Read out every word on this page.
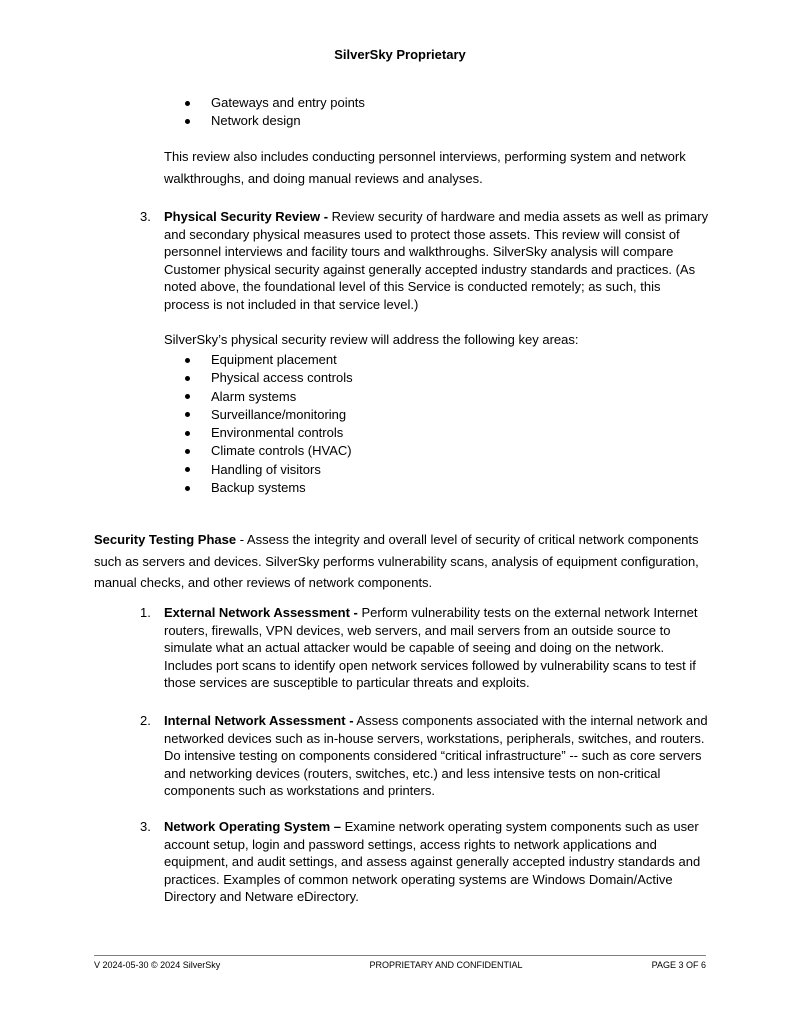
SilverSky Proprietary
Gateways and entry points
Network design
This review also includes conducting personnel interviews, performing system and network walkthroughs, and doing manual reviews and analyses.
3. Physical Security Review - Review security of hardware and media assets as well as primary and secondary physical measures used to protect those assets. This review will consist of personnel interviews and facility tours and walkthroughs. SilverSky analysis will compare Customer physical security against generally accepted industry standards and practices. (As noted above, the foundational level of this Service is conducted remotely; as such, this process is not included in that service level.)
SilverSky’s physical security review will address the following key areas:
Equipment placement
Physical access controls
Alarm systems
Surveillance/monitoring
Environmental controls
Climate controls (HVAC)
Handling of visitors
Backup systems
Security Testing Phase - Assess the integrity and overall level of security of critical network components such as servers and devices. SilverSky performs vulnerability scans, analysis of equipment configuration, manual checks, and other reviews of network components.
1. External Network Assessment - Perform vulnerability tests on the external network Internet routers, firewalls, VPN devices, web servers, and mail servers from an outside source to simulate what an actual attacker would be capable of seeing and doing on the network. Includes port scans to identify open network services followed by vulnerability scans to test if those services are susceptible to particular threats and exploits.
2. Internal Network Assessment - Assess components associated with the internal network and networked devices such as in-house servers, workstations, peripherals, switches, and routers. Do intensive testing on components considered “critical infrastructure” -- such as core servers and networking devices (routers, switches, etc.) and less intensive tests on non-critical components such as workstations and printers.
3. Network Operating System – Examine network operating system components such as user account setup, login and password settings, access rights to network applications and equipment, and audit settings, and assess against generally accepted industry standards and practices. Examples of common network operating systems are Windows Domain/Active Directory and Netware eDirectory.
V 2024-05-30 © 2024 SilverSky	PROPRIETARY AND CONFIDENTIAL	PAGE 3 OF 6
